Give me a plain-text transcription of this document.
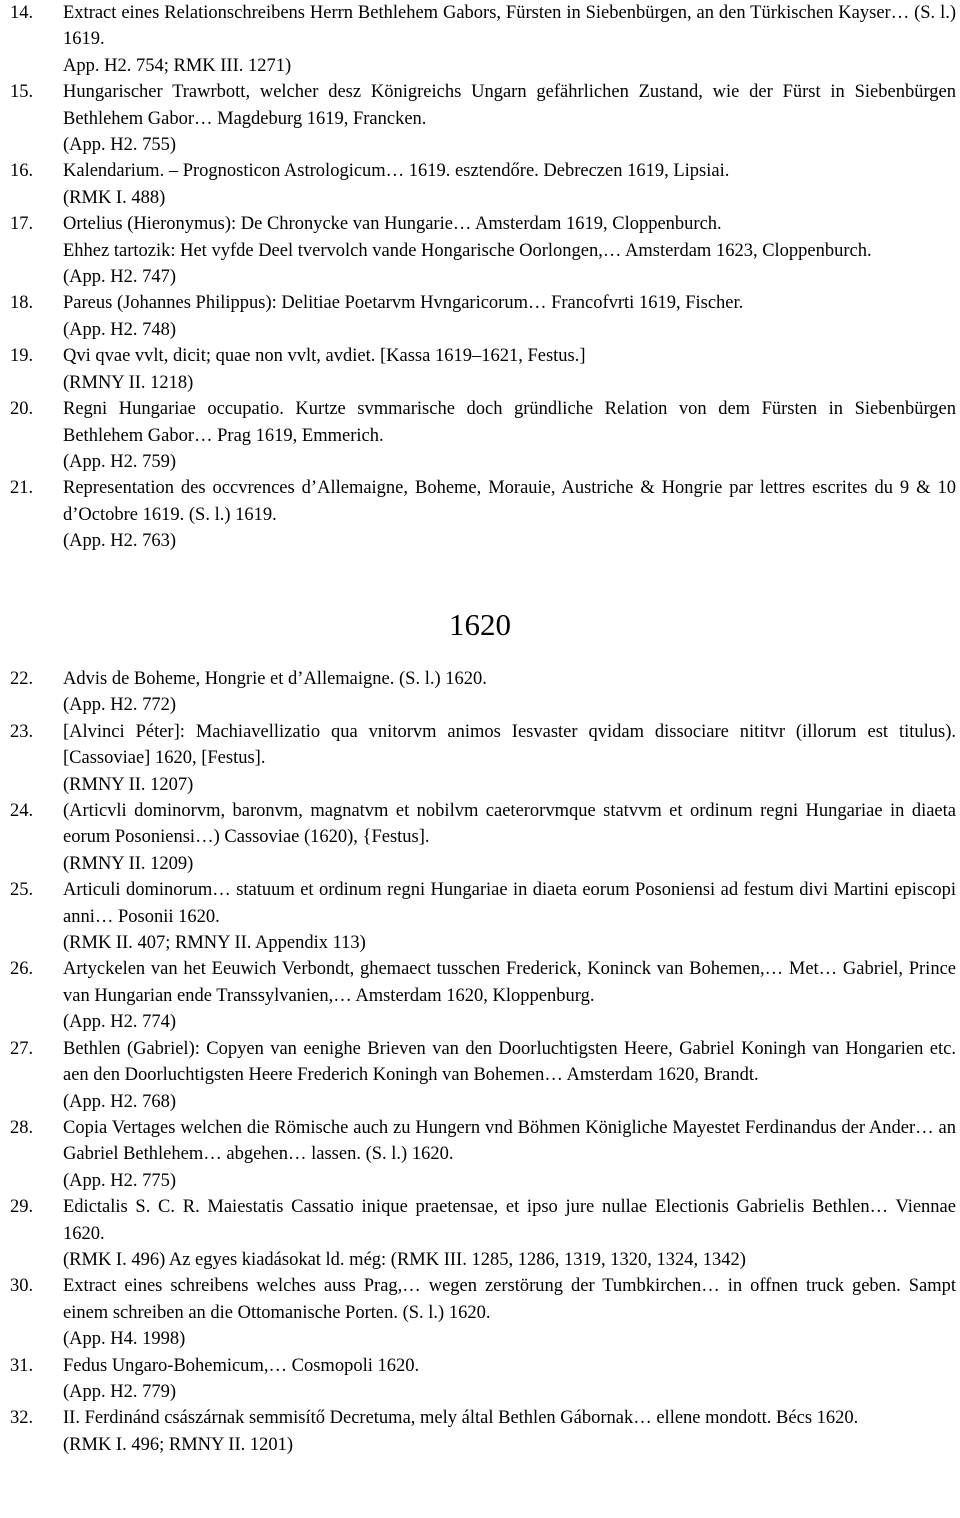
14.	Extract eines Relationschreibens Herrn Bethlehem Gabors, Fürsten in Siebenbürgen, an den Türkischen Kayser… (S. l.) 1619.
App. H2. 754; RMK III. 1271)
15.	Hungarischer Trawrbott, welcher desz Königreichs Ungarn gefährlichen Zustand, wie der Fürst in Siebenbürgen Bethlehem Gabor… Magdeburg 1619, Francken.
(App. H2. 755)
16.	Kalendarium. – Prognosticon Astrologicum… 1619. esztendőre. Debreczen 1619, Lipsiai.
(RMK I. 488)
17.	Ortelius (Hieronymus): De Chronycke van Hungarie… Amsterdam 1619, Cloppenburch.
Ehhez tartozik: Het vyfde Deel tvervolch vande Hongarische Oorlongen,… Amsterdam 1623, Cloppenburch.
(App. H2. 747)
18.	Pareus (Johannes Philippus): Delitiae Poetarvm Hvngaricorum… Francofvrti 1619, Fischer.
(App. H2. 748)
19.	Qvi qvae vvlt, dicit; quae non vvlt, avdiet. [Kassa 1619–1621, Festus.]
(RMNY II. 1218)
20.	Regni Hungariae occupatio. Kurtze svmmarische doch gründliche Relation von dem Fürsten in Siebenbürgen Bethlehem Gabor… Prag 1619, Emmerich.
(App. H2. 759)
21.	Representation des occvrences d’Allemaigne, Boheme, Morauie, Austriche & Hongrie par lettres escrites du 9 & 10 d’Octobre 1619. (S. l.) 1619.
(App. H2. 763)
1620
22.	Advis de Boheme, Hongrie et d’Allemaigne. (S. l.) 1620.
(App. H2. 772)
23.	[Alvinci Péter]: Machiavellizatio qua vnitorvm animos Iesvaster qvidam dissociare nititvr (illorum est titulus). [Cassoviae] 1620, [Festus].
(RMNY II. 1207)
24.	(Articvli dominorvm, baronvm, magnatvm et nobilvm caeterorvmque statvvm et ordinum regni Hungariae in diaeta eorum Posoniensi…) Cassoviae (1620), {Festus].
(RMNY II. 1209)
25.	Articuli dominorum… statuum et ordinum regni Hungariae in diaeta eorum Posoniensi ad festum divi Martini episcopi anni… Posonii 1620.
(RMK II. 407; RMNY II. Appendix 113)
26.	Artyckelen van het Eeuwich Verbondt, ghemaect tusschen Frederick, Koninck van Bohemen,… Met… Gabriel, Prince van Hungarian ende Transsylvanien,… Amsterdam 1620, Kloppenburg.
(App. H2. 774)
27.	Bethlen (Gabriel): Copyen van eenighe Brieven van den Doorluchtigsten Heere, Gabriel Koningh van Hongarien etc. aen den Doorluchtigsten Heere Frederich Koningh van Bohemen… Amsterdam 1620, Brandt.
(App. H2. 768)
28.	Copia Vertages welchen die Römische auch zu Hungern vnd Böhmen Königliche Mayestet Ferdinandus der Ander… an Gabriel Bethlehem… abgehen… lassen. (S. l.) 1620.
(App. H2. 775)
29.	Edictalis S. C. R. Maiestatis Cassatio inique praetensae, et ipso jure nullae Electionis Gabrielis Bethlen… Viennae 1620.
(RMK I. 496) Az egyes kiadásokat ld. még: (RMK III. 1285, 1286, 1319, 1320, 1324, 1342)
30.	Extract eines schreibens welches auss Prag,… wegen zerstörung der Tumbkirchen… in offnen truck geben. Sampt einem schreiben an die Ottomanische Porten. (S. l.) 1620.
(App. H4. 1998)
31.	Fedus Ungaro-Bohemicum,… Cosmopoli 1620.
(App. H2. 779)
32.	II. Ferdinánd császárnak semmisítő Decretuma, mely által Bethlen Gábornak… ellene mondott. Bécs 1620.
(RMK I. 496; RMNY II. 1201)
